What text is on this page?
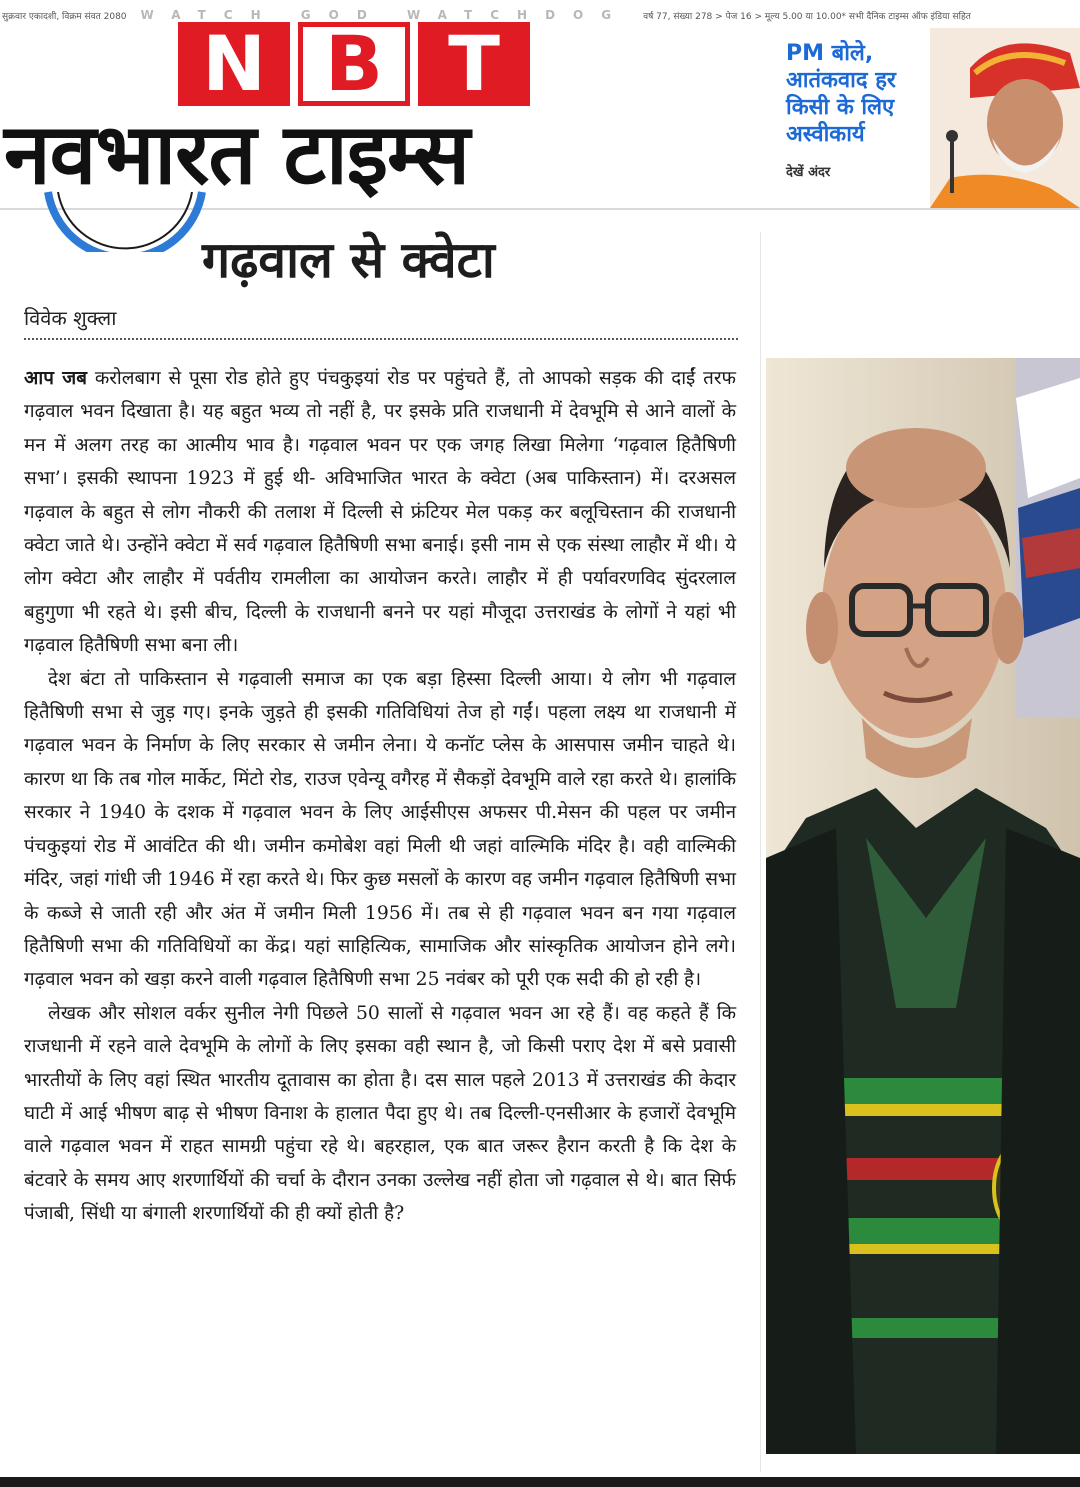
सुक्रवार एकादशी, विक्रम संवत 2080 WATCH GOD WATCHDOG वर्ष 77, संख्या 278 > पेज 16 > मूल्य 5.00 या 10.00* सभी दैनिक टाइम्स ऑफ इंडिया सहित
N B T
नवभारत टाइम्स
PM बोले,
आतंकवाद हर
किसी के लिए
अस्वीकार्य
देखें अंदर
गढ़वाल से क्वेटा
विवेक शुक्ला

आप जब करोलबाग से पूसा रोड होते हुए पंचकुइयां रोड पर पहुंचते हैं, तो आपको सड़क की दाईं तरफ गढ़वाल भवन दिखाता है। यह बहुत भव्य तो नहीं है, पर इसके प्रति राजधानी में देवभूमि से आने वालों के मन में अलग तरह का आत्मीय भाव है। गढ़वाल भवन पर एक जगह लिखा मिलेगा ‘गढ़वाल हितैषिणी सभा’। इसकी स्थापना 1923 में हुई थी- अविभाजित भारत के क्वेटा (अब पाकिस्तान) में। दरअसल गढ़वाल के बहुत से लोग नौकरी की तलाश में दिल्ली से फ्रंटियर मेल पकड़ कर बलूचिस्तान की राजधानी क्वेटा जाते थे। उन्होंने क्वेटा में सर्व गढ़वाल हितैषिणी सभा बनाई। इसी नाम से एक संस्था लाहौर में थी। ये लोग क्वेटा और लाहौर में पर्वतीय रामलीला का आयोजन करते। लाहौर में ही पर्यावरणविद सुंदरलाल बहुगुणा भी रहते थे। इसी बीच, दिल्ली के राजधानी बनने पर यहां मौजूदा उत्तराखंड के लोगों ने यहां भी गढ़वाल हितैषिणी सभा बना ली।

देश बंटा तो पाकिस्तान से गढ़वाली समाज का एक बड़ा हिस्सा दिल्ली आया। ये लोग भी गढ़वाल हितैषिणी सभा से जुड़ गए। इनके जुड़ते ही इसकी गतिविधियां तेज हो गईं। पहला लक्ष्य था राजधानी में गढ़वाल भवन के निर्माण के लिए सरकार से जमीन लेना। ये कनॉट प्लेस के आसपास जमीन चाहते थे। कारण था कि तब गोल मार्केट, मिंटो रोड, राउज एवेन्यू वगैरह में सैकड़ों देवभूमि वाले रहा करते थे। हालांकि सरकार ने 1940 के दशक में गढ़वाल भवन के लिए आईसीएस अफसर पी.मेसन की पहल पर जमीन पंचकुइयां रोड में आवंटित की थी। जमीन कमोबेश वहां मिली थी जहां वाल्मिकि मंदिर है। वही वाल्मिकी मंदिर, जहां गांधी जी 1946 में रहा करते थे। फिर कुछ मसलों के कारण वह जमीन गढ़वाल हितैषिणी सभा के कब्जे से जाती रही और अंत में जमीन मिली 1956 में। तब से ही गढ़वाल भवन बन गया गढ़वाल हितैषिणी सभा की गतिविधियों का केंद्र। यहां साहित्यिक, सामाजिक और सांस्कृतिक आयोजन होने लगे। गढ़वाल भवन को खड़ा करने वाली गढ़वाल हितैषिणी सभा 25 नवंबर को पूरी एक सदी की हो रही है।

लेखक और सोशल वर्कर सुनील नेगी पिछले 50 सालों से गढ़वाल भवन आ रहे हैं। वह कहते हैं कि राजधानी में रहने वाले देवभूमि के लोगों के लिए इसका वही स्थान है, जो किसी पराए देश में बसे प्रवासी भारतीयों के लिए वहां स्थित भारतीय दूतावास का होता है। दस साल पहले 2013 में उत्तराखंड की केदार घाटी में आई भीषण बाढ़ से भीषण विनाश के हालात पैदा हुए थे। तब दिल्ली-एनसीआर के हजारों देवभूमि वाले गढ़वाल भवन में राहत सामग्री पहुंचा रहे थे। बहरहाल, एक बात जरूर हैरान करती है कि देश के बंटवारे के समय आए शरणार्थियों की चर्चा के दौरान उनका उल्लेख नहीं होता जो गढ़वाल से थे। बात सिर्फ पंजाबी, सिंधी या बंगाली शरणार्थियों की ही क्यों होती है?
